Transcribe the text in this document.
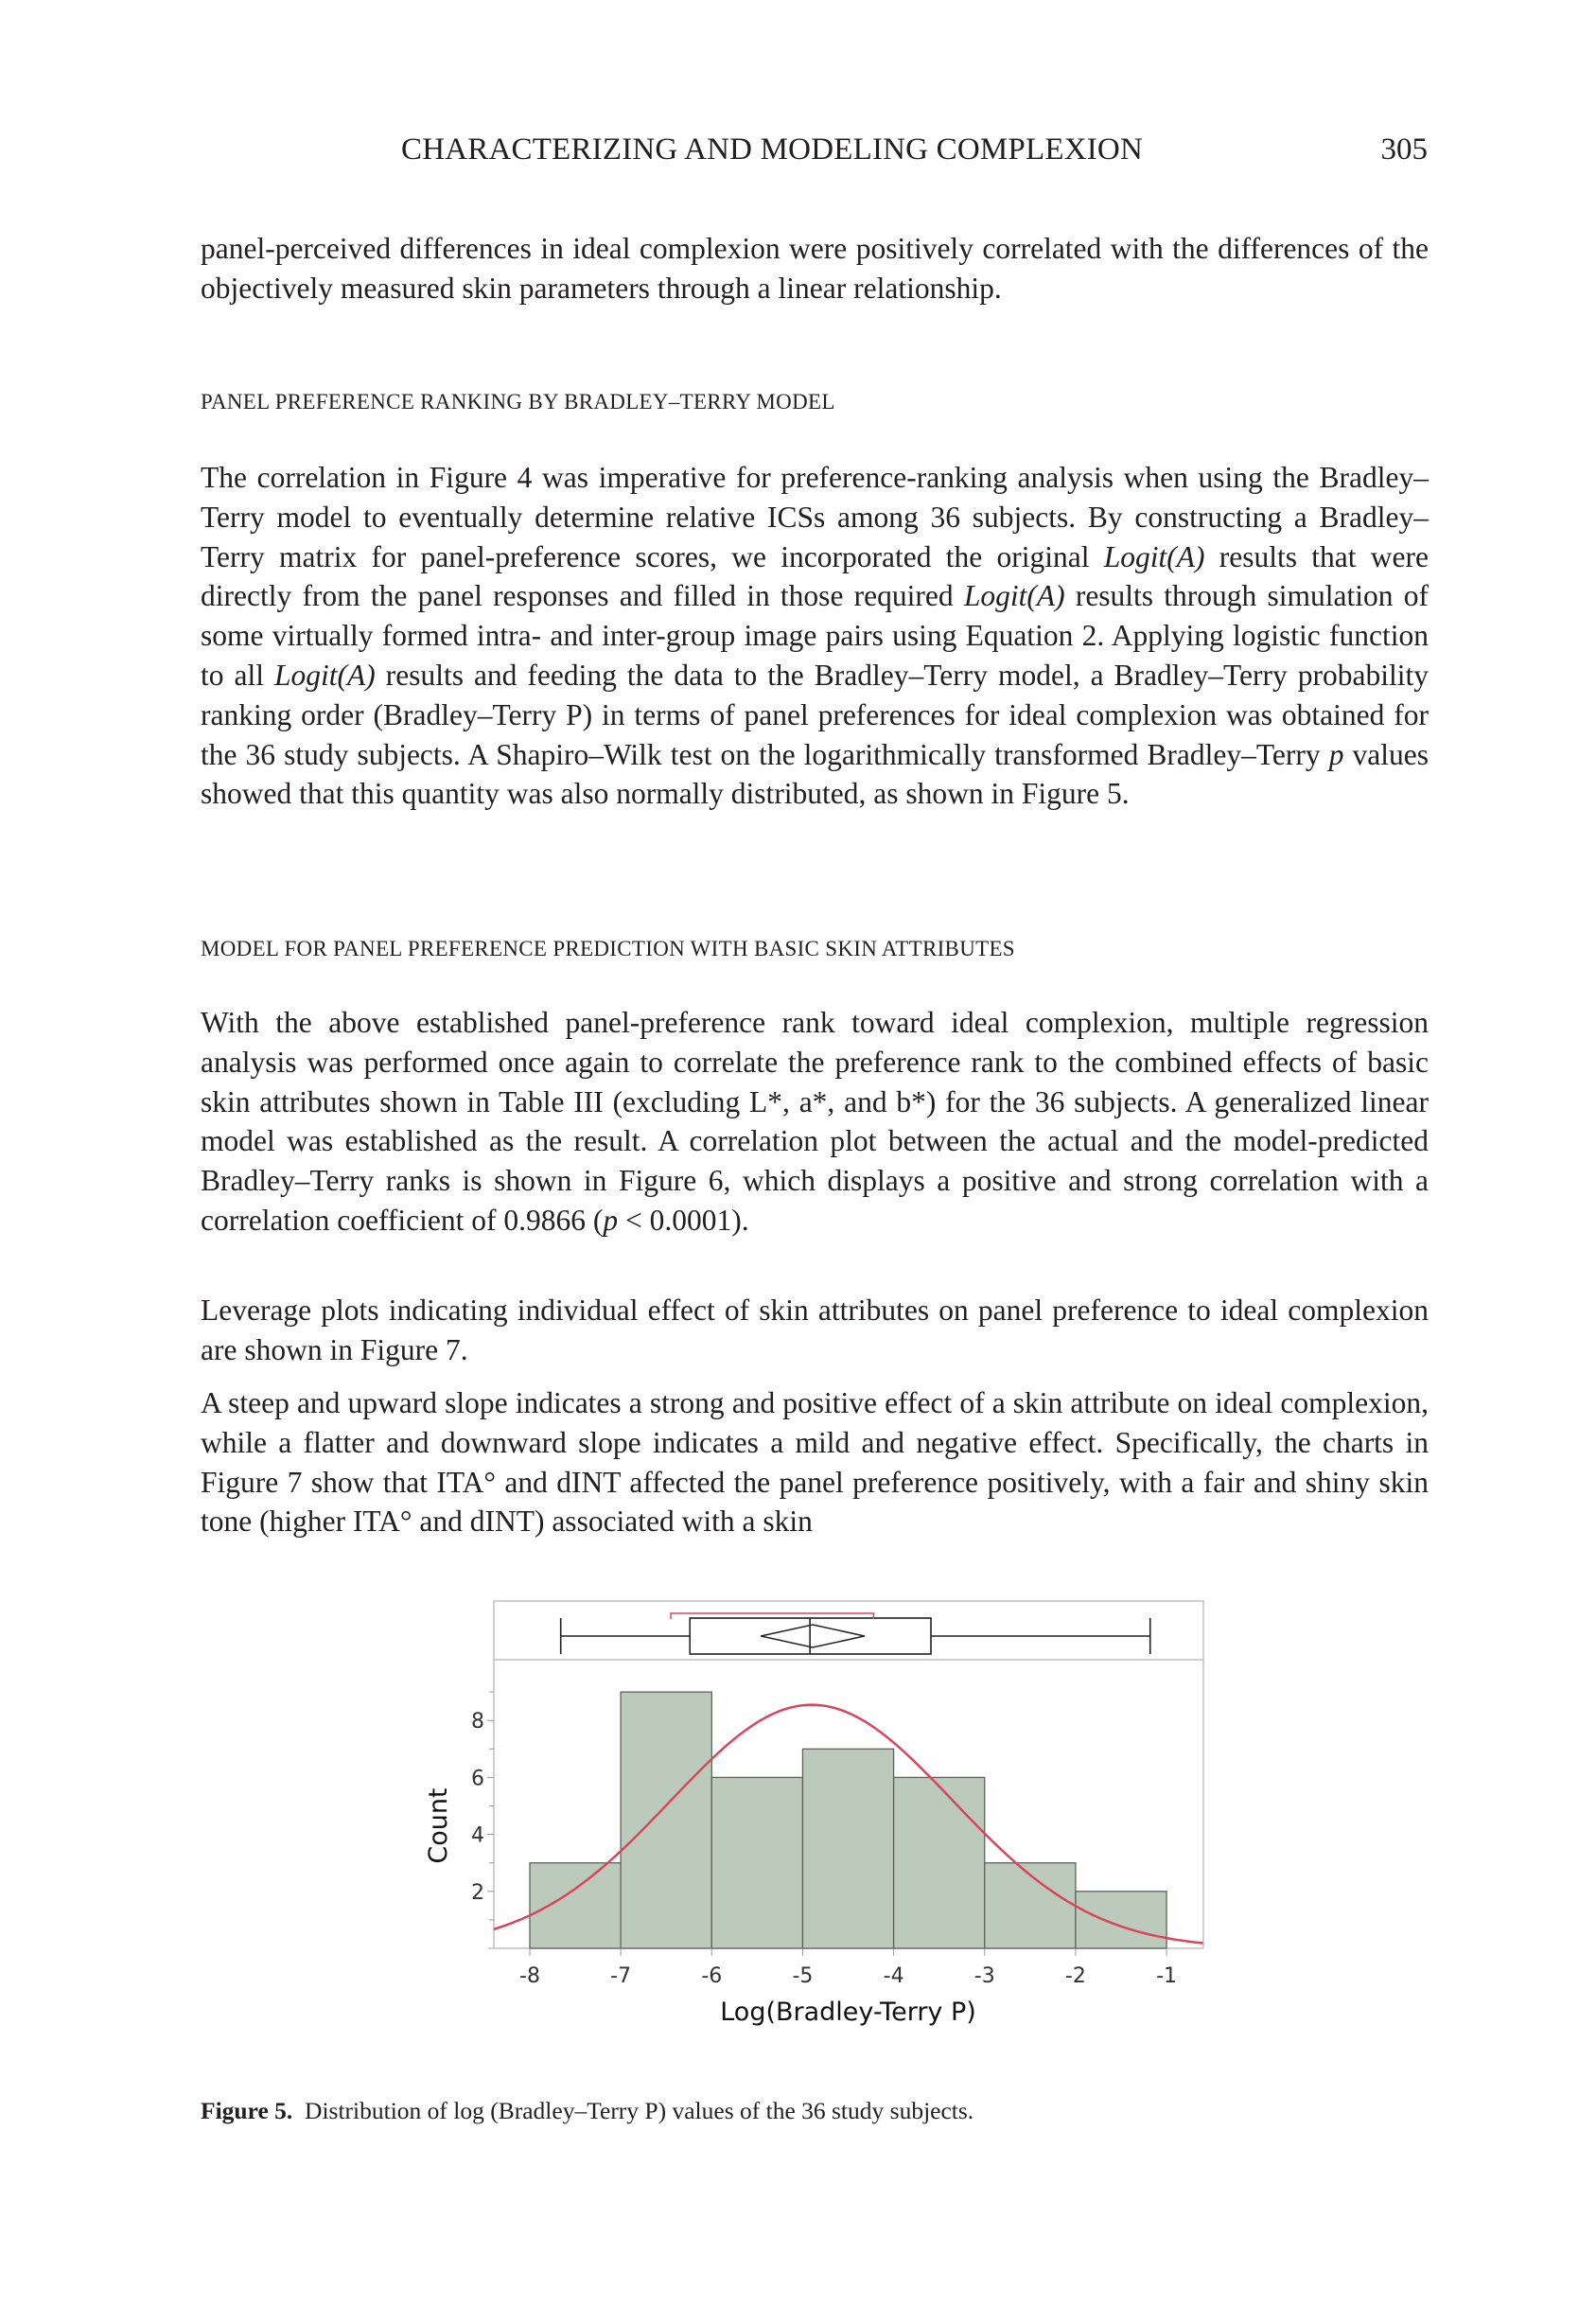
CHARACTERIZING AND MODELING COMPLEXION	305

panel-perceived differences in ideal complexion were positively correlated with the differences of the objectively measured skin parameters through a linear relationship.

PANEL PREFERENCE RANKING BY BRADLEY–TERRY MODEL

The correlation in Figure 4 was imperative for preference-ranking analysis when using the Bradley–Terry model to eventually determine relative ICSs among 36 subjects. By constructing a Bradley–Terry matrix for panel-preference scores, we incorporated the original Logit(A) results that were directly from the panel responses and filled in those required Logit(A) results through simulation of some virtually formed intra- and inter-group image pairs using Equation 2. Applying logistic function to all Logit(A) results and feeding the data to the Bradley–Terry model, a Bradley–Terry probability ranking order (Bradley–Terry P) in terms of panel preferences for ideal complexion was obtained for the 36 study subjects. A Shapiro–Wilk test on the logarithmically transformed Bradley–Terry p values showed that this quantity was also normally distributed, as shown in Figure 5.

MODEL FOR PANEL PREFERENCE PREDICTION WITH BASIC SKIN ATTRIBUTES

With the above established panel-preference rank toward ideal complexion, multiple regression analysis was performed once again to correlate the preference rank to the combined effects of basic skin attributes shown in Table III (excluding L*, a*, and b*) for the 36 subjects. A generalized linear model was established as the result. A correlation plot between the actual and the model-predicted Bradley–Terry ranks is shown in Figure 6, which displays a positive and strong correlation with a correlation coefficient of 0.9866 (p < 0.0001).

Leverage plots indicating individual effect of skin attributes on panel preference to ideal complexion are shown in Figure 7.

A steep and upward slope indicates a strong and positive effect of a skin attribute on ideal complexion, while a flatter and downward slope indicates a mild and negative effect. Specifically, the charts in Figure 7 show that ITA° and dINT affected the panel preference positively, with a fair and shiny skin tone (higher ITA° and dINT) associated with a skin

2
4
6
8
-8	-7	-6	-5	-4	-3	-2	-1
Log(Bradley-Terry P)
Count
Figure 5. Distribution of log (Bradley–Terry P) values of the 36 study subjects.
